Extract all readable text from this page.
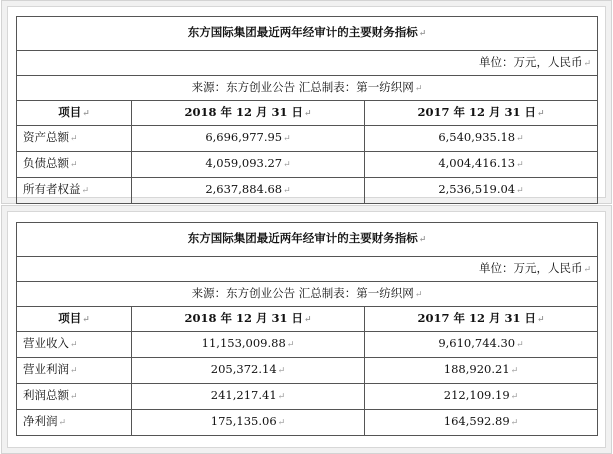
东方国际集团最近两年经审计的主要财务指标↵		
单位：万元，人民币↵		
来源：东方创业公告 汇总制表：第一纺织网↵		
项目↵	2018 年 12 月 31 日↵	2017 年 12 月 31 日↵
资产总额↵	6,696,977.95↵	6,540,935.18↵
负债总额↵	4,059,093.27↵	4,004,416.13↵
所有者权益↵	2,637,884.68↵	2,536,519.04↵
东方国际集团最近两年经审计的主要财务指标↵		
单位：万元，人民币↵		
来源：东方创业公告 汇总制表：第一纺织网↵		
项目↵	2018 年 12 月 31 日↵	2017 年 12 月 31 日↵
营业收入↵	11,153,009.88↵	9,610,744.30↵
营业利润↵	205,372.14↵	188,920.21↵
利润总额↵	241,217.41↵	212,109.19↵
净利润↵	175,135.06↵	164,592.89↵
